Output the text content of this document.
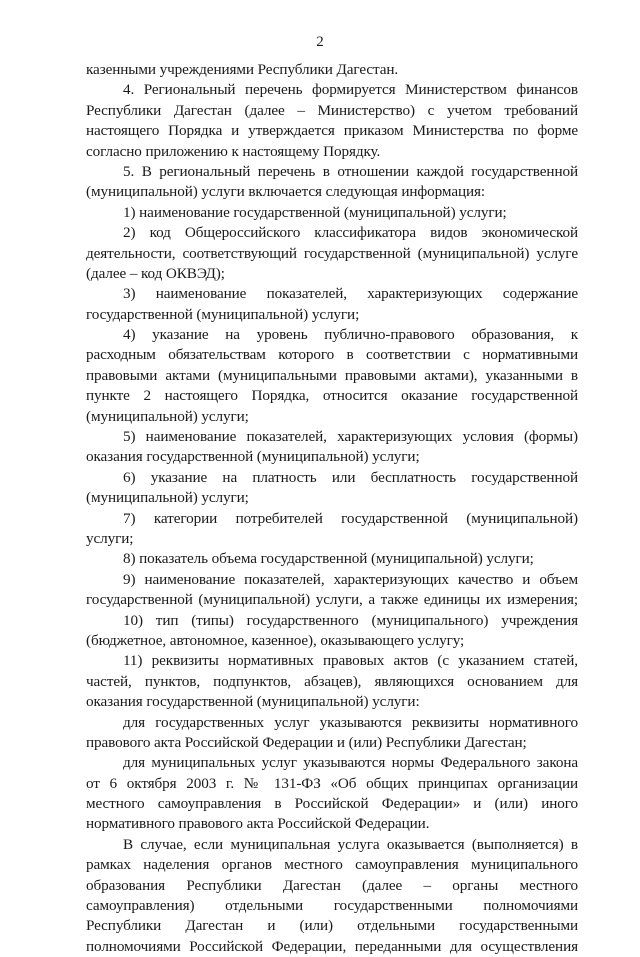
2
казенными учреждениями Республики Дагестан.
4. Региональный перечень формируется Министерством финансов
Республики Дагестан (далее – Министерство) с учетом требований
настоящего Порядка и утверждается приказом Министерства по форме
согласно приложению к настоящему Порядку.
5. В региональный перечень в отношении каждой государственной
(муниципальной) услуги включается следующая информация:
1) наименование государственной (муниципальной) услуги;
2) код Общероссийского классификатора видов экономической
деятельности, соответствующий государственной (муниципальной) услуге
(далее – код ОКВЭД);
3) наименование показателей, характеризующих содержание
государственной (муниципальной) услуги;
4) указание на уровень публично-правового образования, к
расходным обязательствам которого в соответствии с нормативными
правовыми актами (муниципальными правовыми актами), указанными в
пункте 2 настоящего Порядка, относится оказание государственной
(муниципальной) услуги;
5) наименование показателей, характеризующих условия (формы)
оказания государственной (муниципальной) услуги;
6) указание на платность или бесплатность государственной
(муниципальной) услуги;
7) категории потребителей государственной (муниципальной)
услуги;
8) показатель объема государственной (муниципальной) услуги;
9) наименование показателей, характеризующих качество и объем
государственной (муниципальной) услуги, а также единицы их измерения;
10) тип (типы) государственного (муниципального) учреждения
(бюджетное, автономное, казенное), оказывающего услугу;
11) реквизиты нормативных правовых актов (с указанием статей,
частей, пунктов, подпунктов, абзацев), являющихся основанием для
оказания государственной (муниципальной) услуги:
для государственных услуг указываются реквизиты нормативного
правового акта Российской Федерации и (или) Республики Дагестан;
для муниципальных услуг указываются нормы Федерального закона
от 6 октября 2003 г. № 131-ФЗ «Об общих принципах организации
местного самоуправления в Российской Федерации» и (или) иного
нормативного правового акта Российской Федерации.
В случае, если муниципальная услуга оказывается (выполняется) в
рамках наделения органов местного самоуправления муниципального
образования Республики Дагестан (далее – органы местного
самоуправления) отдельными государственными полномочиями
Республики Дагестан и (или) отдельными государственными
полномочиями Российской Федерации, переданными для осуществления
